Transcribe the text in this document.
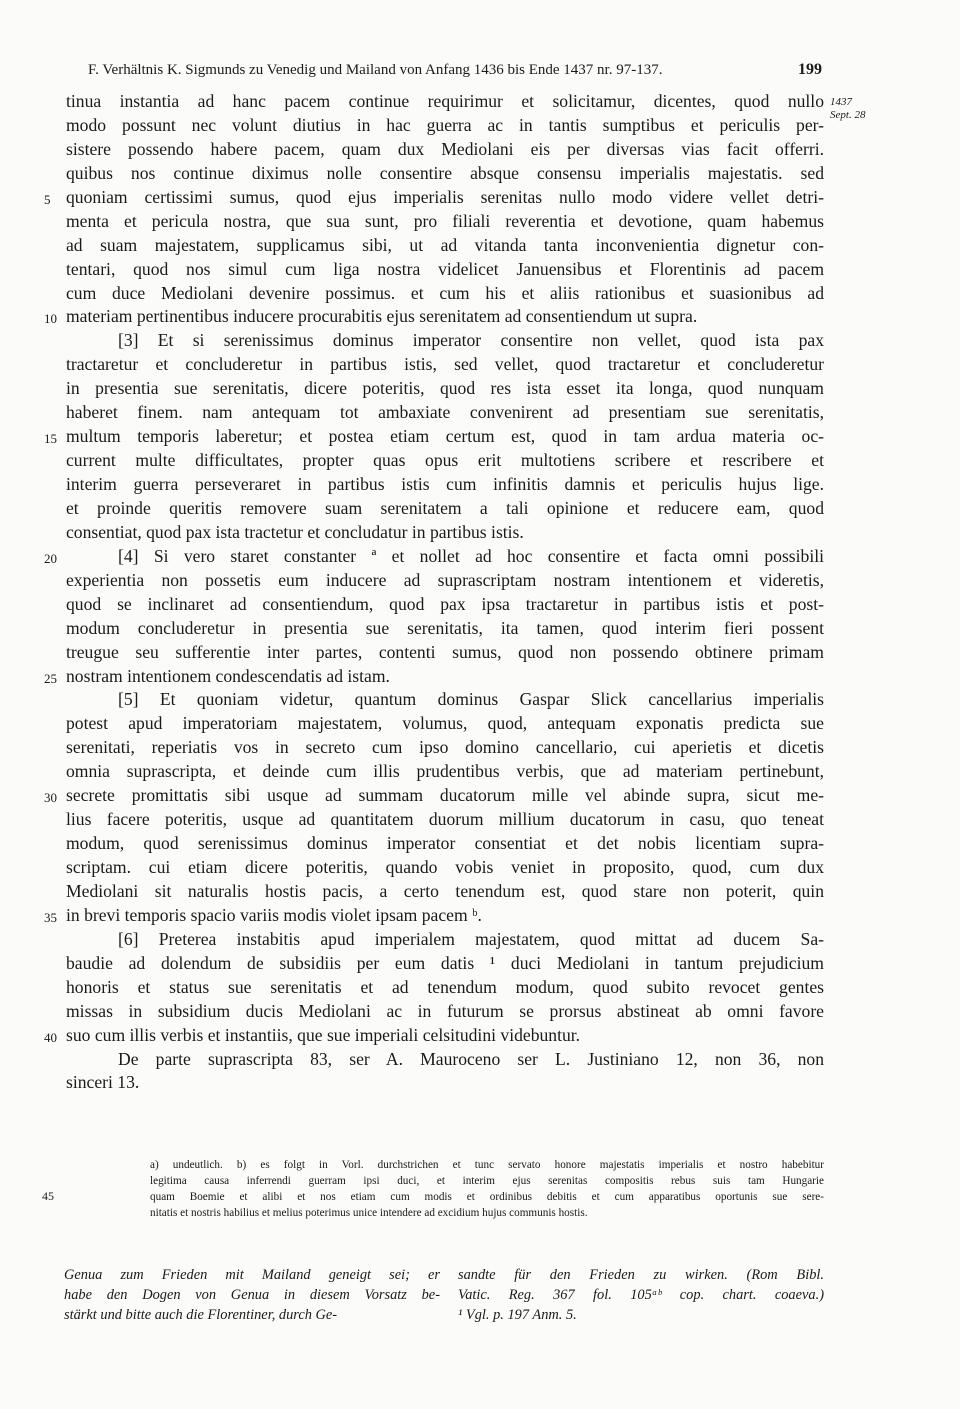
F. Verhältnis K. Sigmunds zu Venedig und Mailand von Anfang 1436 bis Ende 1437 nr. 97-137.	199
1437
Sept. 28
tinua instantia ad hanc pacem continue requirimur et solicitamur, dicentes, quod nullo
modo possunt nec volunt diutius in hac guerra ac in tantis sumptibus et periculis per-
sistere possendo habere pacem, quam dux Mediolani eis per diversas vias facit offerri.
quibus nos continue diximus nolle consentire absque consensu imperialis majestatis. sed
5 quoniam certissimi sumus, quod ejus imperialis serenitas nullo modo videre vellet detri-
menta et pericula nostra, que sua sunt, pro filiali reverentia et devotione, quam habemus
ad suam majestatem, supplicamus sibi, ut ad vitanda tanta inconvenientia dignetur con-
tentari, quod nos simul cum liga nostra videlicet Januensibus et Florentinis ad pacem
cum duce Mediolani devenire possimus. et cum his et aliis rationibus et suasionibus ad
10 materiam pertinentibus inducere procurabitis ejus serenitatem ad consentiendum ut supra.
[3] Et si serenissimus dominus imperator consentire non vellet, quod ista pax
tractaretur et concluderetur in partibus istis, sed vellet, quod tractaretur et concluderetur
in presentia sue serenitatis, dicere poteritis, quod res ista esset ita longa, quod nunquam
haberet finem. nam antequam tot ambaxiate convenirent ad presentiam sue serenitatis,
15 multum temporis laberetur; et postea etiam certum est, quod in tam ardua materia oc-
current multe difficultates, propter quas opus erit multotiens scribere et rescribere et
interim guerra perseveraret in partibus istis cum infinitis damnis et periculis hujus lige.
et proinde queritis removere suam serenitatem a tali opinione et reducere eam, quod
consentiat, quod pax ista tractetur et concludatur in partibus istis.
20	[4] Si vero staret constanter ª et nollet ad hoc consentire et facta omni possibili
experientia non possetis eum inducere ad suprascriptam nostram intentionem et videretis,
quod se inclinaret ad consentiendum, quod pax ipsa tractaretur in partibus istis et post-
modum concluderetur in presentia sue serenitatis, ita tamen, quod interim fieri possent
treugue seu sufferentie inter partes, contenti sumus, quod non possendo obtinere primam
25 nostram intentionem condescendatis ad istam.
[5] Et quoniam videtur, quantum dominus Gaspar Slick cancellarius imperialis
potest apud imperatoriam majestatem, volumus, quod, antequam exponatis predicta sue
serenitati, reperiatis vos in secreto cum ipso domino cancellario, cui aperietis et dicetis
omnia suprascripta, et deinde cum illis prudentibus verbis, que ad materiam pertinebunt,
30 secrete promittatis sibi usque ad summam ducatorum mille vel abinde supra, sicut me-
lius facere poteritis, usque ad quantitatem duorum millium ducatorum in casu, quo teneat
modum, quod serenissimus dominus imperator consentiat et det nobis licentiam supra-
scriptam. cui etiam dicere poteritis, quando vobis veniet in proposito, quod, cum dux
Mediolani sit naturalis hostis pacis, a certo tenendum est, quod stare non poterit, quin
35 in brevi temporis spacio variis modis violet ipsam pacem ᵇ.
[6] Preterea instabitis apud imperialem majestatem, quod mittat ad ducem Sa-
baudie ad dolendum de subsidiis per eum datis ¹ duci Mediolani in tantum prejudicium
honoris et status sue serenitatis et ad tenendum modum, quod subito revocet gentes
missas in subsidium ducis Mediolani ac in futurum se prorsus abstineat ab omni favore
40 suo cum illis verbis et instantiis, que sue imperiali celsitudini videbuntur.
De parte suprascripta 83, ser A. Mauroceno ser L. Justiniano 12, non 36, non
sinceri 13.
45
a) undeutlich. b) es folgt in Vorl. durchstrichen et tunc servato honore majestatis imperialis et nostro habebitur
legitima causa inferrendi guerram ipsi duci, et interim ejus serenitas compositis rebus suis tam Hungarie
quam Boemie et alibi et nos etiam cum modis et ordinibus debitis et cum apparatibus oportunis sue sere-
nitatis et nostris habilius et melius poterimus unice intendere ad excidium hujus communis hostis.
Genua zum Frieden mit Mailand geneigt sei; er
habe den Dogen von Genua in diesem Vorsatz be-
stärkt und bitte auch die Florentiner, durch Ge-
sandte für den Frieden zu wirken. (Rom Bibl.
Vatic. Reg. 367 fol. 105ᵃᵇ cop. chart. coaeva.)
¹ Vgl. p. 197 Anm. 5.
